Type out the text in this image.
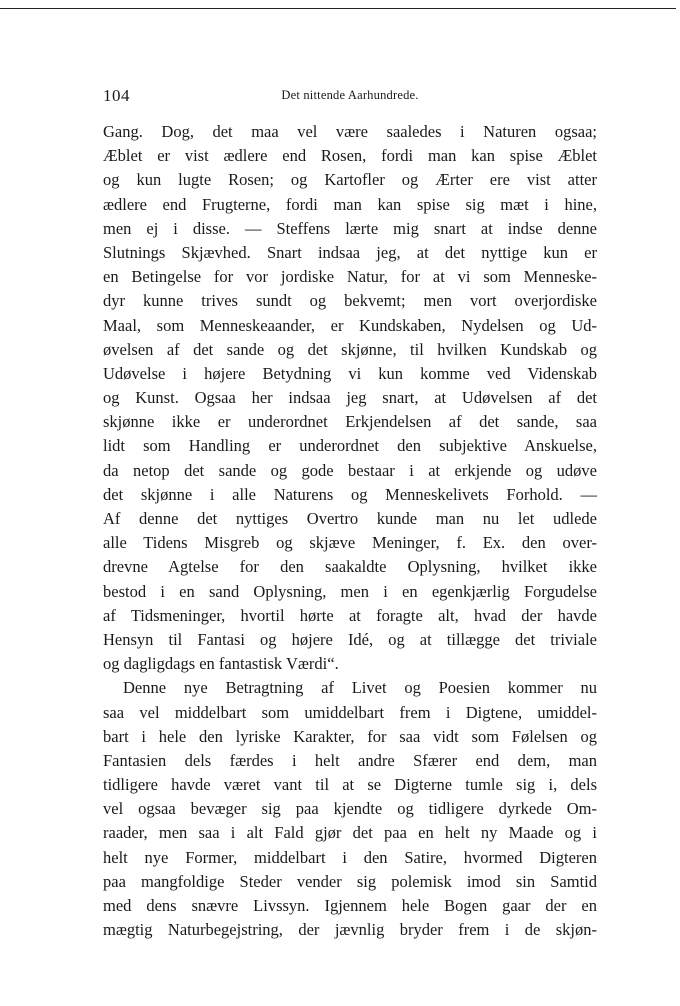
104	Det nittende Aarhundrede.
Gang. Dog, det maa vel være saaledes i Naturen ogsaa;
Æblet er vist ædlere end Rosen, fordi man kan spise Æblet
og kun lugte Rosen; og Kartofler og Ærter ere vist atter
ædlere end Frugterne, fordi man kan spise sig mæt i hine,
men ej i disse. — Steffens lærte mig snart at indse denne
Slutnings Skjævhed. Snart indsaa jeg, at det nyttige kun er
en Betingelse for vor jordiske Natur, for at vi som Menneske-
dyr kunne trives sundt og bekvemt; men vort overjordiske
Maal, som Menneskeaander, er Kundskaben, Nydelsen og Ud-
øvelsen af det sande og det skjønne, til hvilken Kundskab og
Udøvelse i højere Betydning vi kun komme ved Videnskab
og Kunst. Ogsaa her indsaa jeg snart, at Udøvelsen af det
skjønne ikke er underordnet Erkjendelsen af det sande, saa
lidt som Handling er underordnet den subjektive Anskuelse,
da netop det sande og gode bestaar i at erkjende og udøve
det skjønne i alle Naturens og Menneskelivets Forhold. —
Af denne det nyttiges Overtro kunde man nu let udlede
alle Tidens Misgreb og skjæve Meninger, f. Ex. den over-
drevne Agtelse for den saakaldte Oplysning, hvilket ikke
bestod i en sand Oplysning, men i en egenkjærlig Forgudelse
af Tidsmeninger, hvortil hørte at foragte alt, hvad der havde
Hensyn til Fantasi og højere Idé, og at tillægge det triviale
og dagligdags en fantastisk Værdi“.
Denne nye Betragtning af Livet og Poesien kommer nu
saa vel middelbart som umiddelbart frem i Digtene, umiddel-
bart i hele den lyriske Karakter, for saa vidt som Følelsen og
Fantasien dels færdes i helt andre Sfærer end dem, man
tidligere havde været vant til at se Digterne tumle sig i, dels
vel ogsaa bevæger sig paa kjendte og tidligere dyrkede Om-
raader, men saa i alt Fald gjør det paa en helt ny Maade og i
helt nye Former, middelbart i den Satire, hvormed Digteren
paa mangfoldige Steder vender sig polemisk imod sin Samtid
med dens snævre Livssyn. Igjennem hele Bogen gaar der en
mægtig Naturbegejstring, der jævnlig bryder frem i de skjøn-
